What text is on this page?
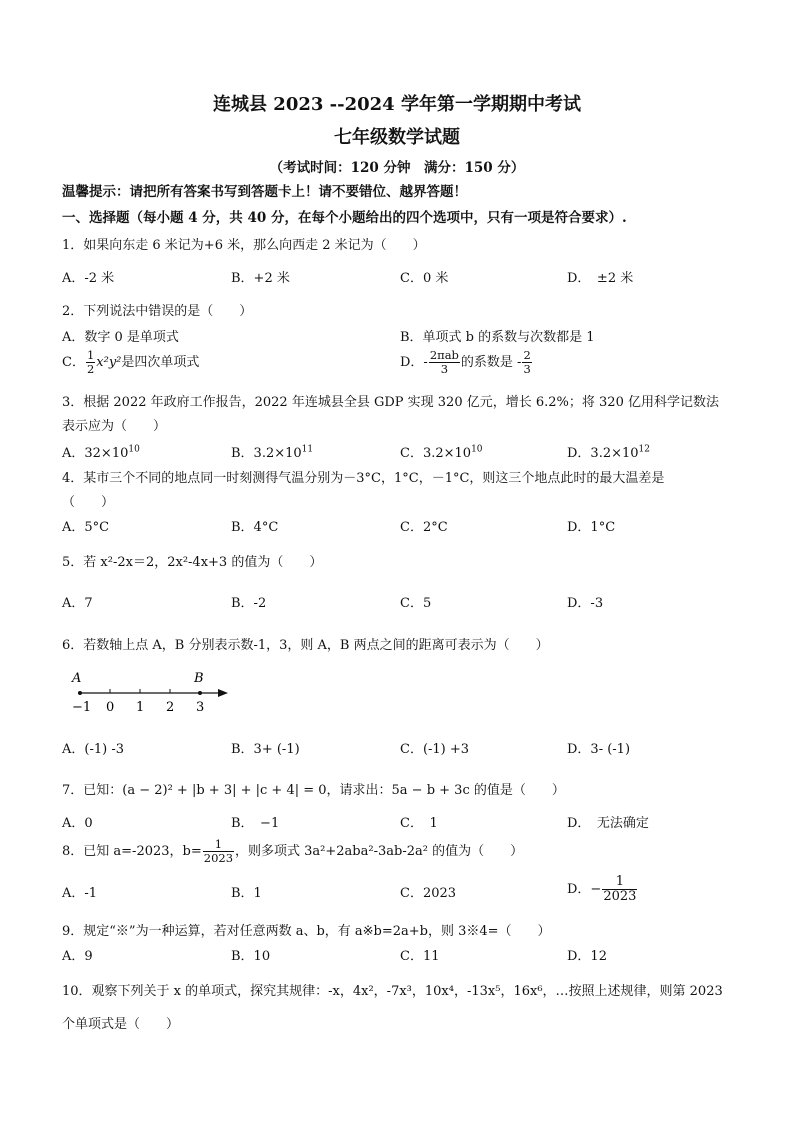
连城县 2023 --2024 学年第一学期期中考试
七年级数学试题
（考试时间：120 分钟　满分：150 分）
温馨提示：请把所有答案书写到答题卡上！请不要错位、越界答题！
一、选择题（每小题 4 分，共 40 分，在每个小题给出的四个选项中，只有一项是符合要求）.
1．如果向东走 6 米记为+6 米，那么向西走 2 米记为（　　）
A．-2 米	B．+2 米	C．0 米	D．　±2 米
2．下列说法中错误的是（　　）
A．数字 0 是单项式	B．单项式 b 的系数与次数都是 1
C． $\frac{1}{2} x^2y^2$是四次单项式	D．- $\frac{\text{2πab}}{3}$ 的系数是 - $\frac{2}{3}$
3．根据 2022 年政府工作报告，2022 年连城县全县 GDP 实现 320 亿元，增长 6.2%；将 320 亿用科学记数法
表示应为（　　）
A．$32\times 10^{10}$	B．$3.2\times 10^{11}$	C．$3.2\times 10^{10}$	D．$3.2\times 10^{12}$
4．某市三个不同的地点同一时刻测得气温分别为－3°C，1°C，－1°C，则这三个地点此时的最大温差是
（　　）
A．5°C	B．4°C	C．2°C	D．1°C
5．若 x²-2x＝2，2x²-4x+3 的值为（　　）
A．7	B．-2	C．5	D．-3
6．若数轴上点 A，B 分别表示数-1，3，则 A，B 两点之间的距离可表示为（　　）
A	B
−1 0 1 2 3
A．(-1) -3	B．3+ (-1)	C．(-1) +3	D．3- (-1)
7．已知：(a − 2)² + |b + 3| + |c + 4| = 0，请求出：5a − b + 3c 的值是（　　）
A．0	B．　−1	C．　1	D．　无法确定
8．已知 a=-2023，$b= \frac{1}{2023}$ ，则多项式 3a²+2aba²-3ab-2a² 的值为（　　）
A．-1	B．1	C．2023	D．− $\frac{1}{2023}$
9．规定“※”为一种运算，若对任意两数 a、b，有 a※b=2a+b，则 3※4=（　　）
A．9	B．10	C．11	D．12
10．观察下列关于 x 的单项式，探究其规律：-x，4x²，-7x³，10x⁴，-13x⁵，16x⁶，…按照上述规律，则第 2023
个单项式是（　　）
